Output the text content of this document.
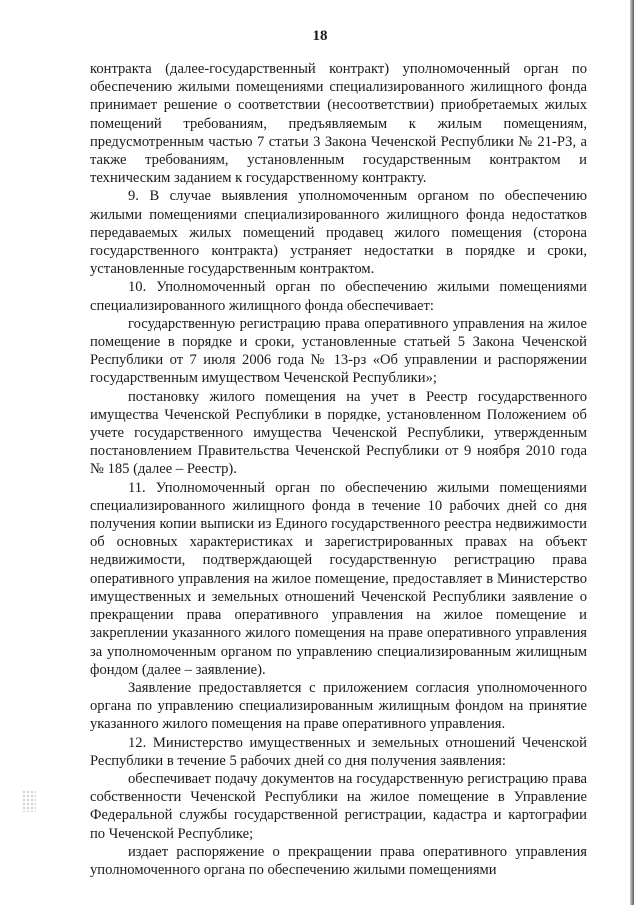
18

контракта (далее-государственный контракт) уполномоченный орган по обеспечению жилыми помещениями специализированного жилищного фонда принимает решение о соответствии (несоответствии) приобретаемых жилых помещений требованиям, предъявляемым к жилым помещениям, предусмотренным частью 7 статьи 3 Закона Чеченской Республики № 21-РЗ, а также требованиям, установленным государственным контрактом и техническим заданием к государственному контракту.

9. В случае выявления уполномоченным органом по обеспечению жилыми помещениями специализированного жилищного фонда недостатков передаваемых жилых помещений продавец жилого помещения (сторона государственного контракта) устраняет недостатки в порядке и сроки, установленные государственным контрактом.

10. Уполномоченный орган по обеспечению жилыми помещениями специализированного жилищного фонда обеспечивает:

государственную регистрацию права оперативного управления на жилое помещение в порядке и сроки, установленные статьей 5 Закона Чеченской Республики от 7 июля 2006 года № 13-рз «Об управлении и распоряжении государственным имуществом Чеченской Республики»;

постановку жилого помещения на учет в Реестр государственного имущества Чеченской Республики в порядке, установленном Положением об учете государственного имущества Чеченской Республики, утвержденным постановлением Правительства Чеченской Республики от 9 ноября 2010 года № 185 (далее – Реестр).

11. Уполномоченный орган по обеспечению жилыми помещениями специализированного жилищного фонда в течение 10 рабочих дней со дня получения копии выписки из Единого государственного реестра недвижимости об основных характеристиках и зарегистрированных правах на объект недвижимости, подтверждающей государственную регистрацию права оперативного управления на жилое помещение, предоставляет в Министерство имущественных и земельных отношений Чеченской Республики заявление о прекращении права оперативного управления на жилое помещение и закреплении указанного жилого помещения на праве оперативного управления за уполномоченным органом по управлению специализированным жилищным фондом (далее – заявление).

Заявление предоставляется с приложением согласия уполномоченного органа по управлению специализированным жилищным фондом на принятие указанного жилого помещения на праве оперативного управления.

12. Министерство имущественных и земельных отношений Чеченской Республики в течение 5 рабочих дней со дня получения заявления:

обеспечивает подачу документов на государственную регистрацию права собственности Чеченской Республики на жилое помещение в Управление Федеральной службы государственной регистрации, кадастра и картографии по Чеченской Республике;

издает распоряжение о прекращении права оперативного управления уполномоченного органа по обеспечению жилыми помещениями
